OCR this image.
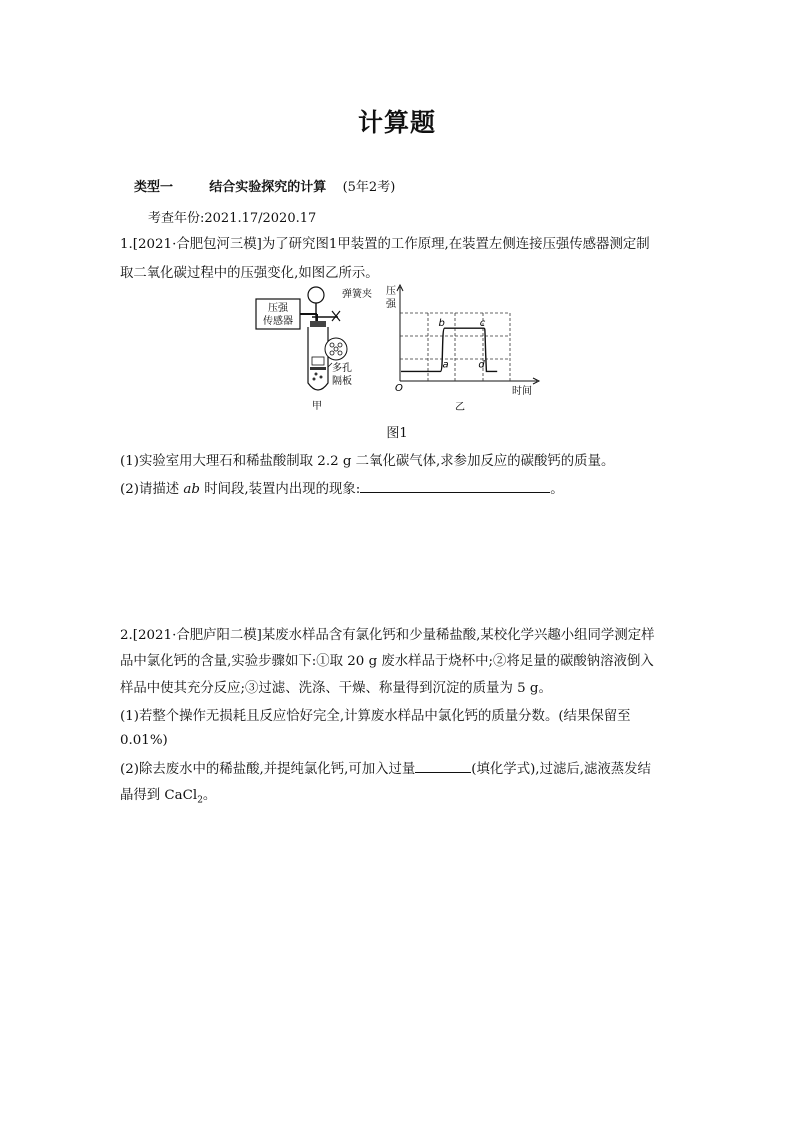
计算题
类型一	结合实验探究的计算 (5年2考)
考查年份:2021.17/2020.17
1.[2021·合肥包河三模]为了研究图1甲装置的工作原理,在装置左侧连接压强传感器测定制
取二氧化碳过程中的压强变化,如图乙所示。
压强
传感器
弹簧夹
多孔
隔板
甲
压
强
a
b	c
d
O	时间
乙
图1
(1)实验室用大理石和稀盐酸制取 2.2 g 二氧化碳气体,求参加反应的碳酸钙的质量。
(2)请描述 ab 时间段,装置内出现的现象:	。
2.[2021·合肥庐阳二模]某废水样品含有氯化钙和少量稀盐酸,某校化学兴趣小组同学测定样
品中氯化钙的含量,实验步骤如下:①取 20 g 废水样品于烧杯中;②将足量的碳酸钠溶液倒入
样品中使其充分反应;③过滤、洗涤、干燥、称量得到沉淀的质量为 5 g。
(1)若整个操作无损耗且反应恰好完全,计算废水样品中氯化钙的质量分数。(结果保留至
0.01%)
(2)除去废水中的稀盐酸,并提纯氯化钙,可加入过量	(填化学式),过滤后,滤液蒸发结
晶得到 CaCl$_2$。
